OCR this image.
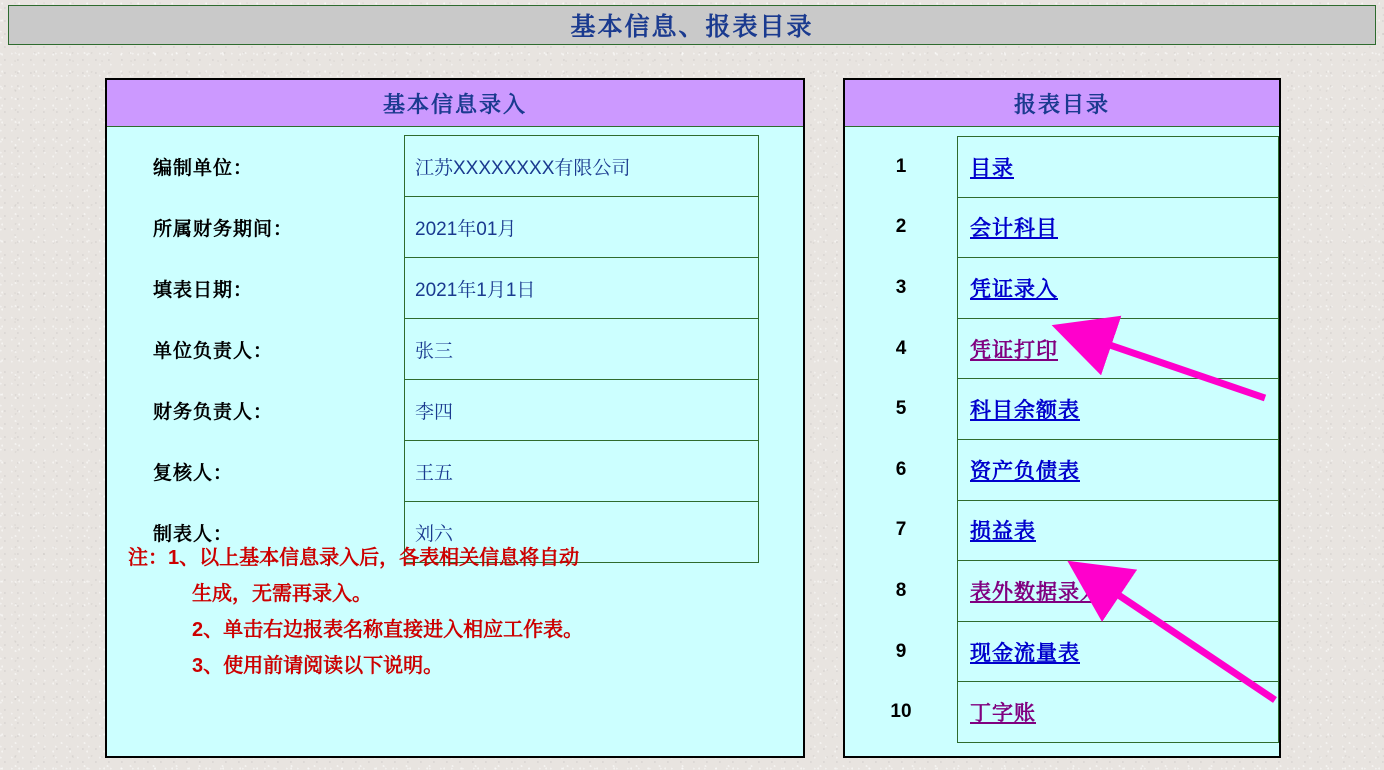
基本信息、报表目录
基本信息录入
编制单位：	江苏XXXXXXXX有限公司
所属财务期间：	2021年01月
填表日期：	2021年1月1日
单位负责人：	张三
财务负责人：	李四
复核人：	王五
制表人：	刘六
注： 1、以上基本信息录入后，各表相关信息将自动
生成，无需再录入。
2、单击右边报表名称直接进入相应工作表。
3、使用前请阅读以下说明。
报表目录
1	目录
2	会计科目
3	凭证录入
4	凭证打印
5	科目余额表
6	资产负债表
7	损益表
8	表外数据录入
9	现金流量表
10	丁字账
